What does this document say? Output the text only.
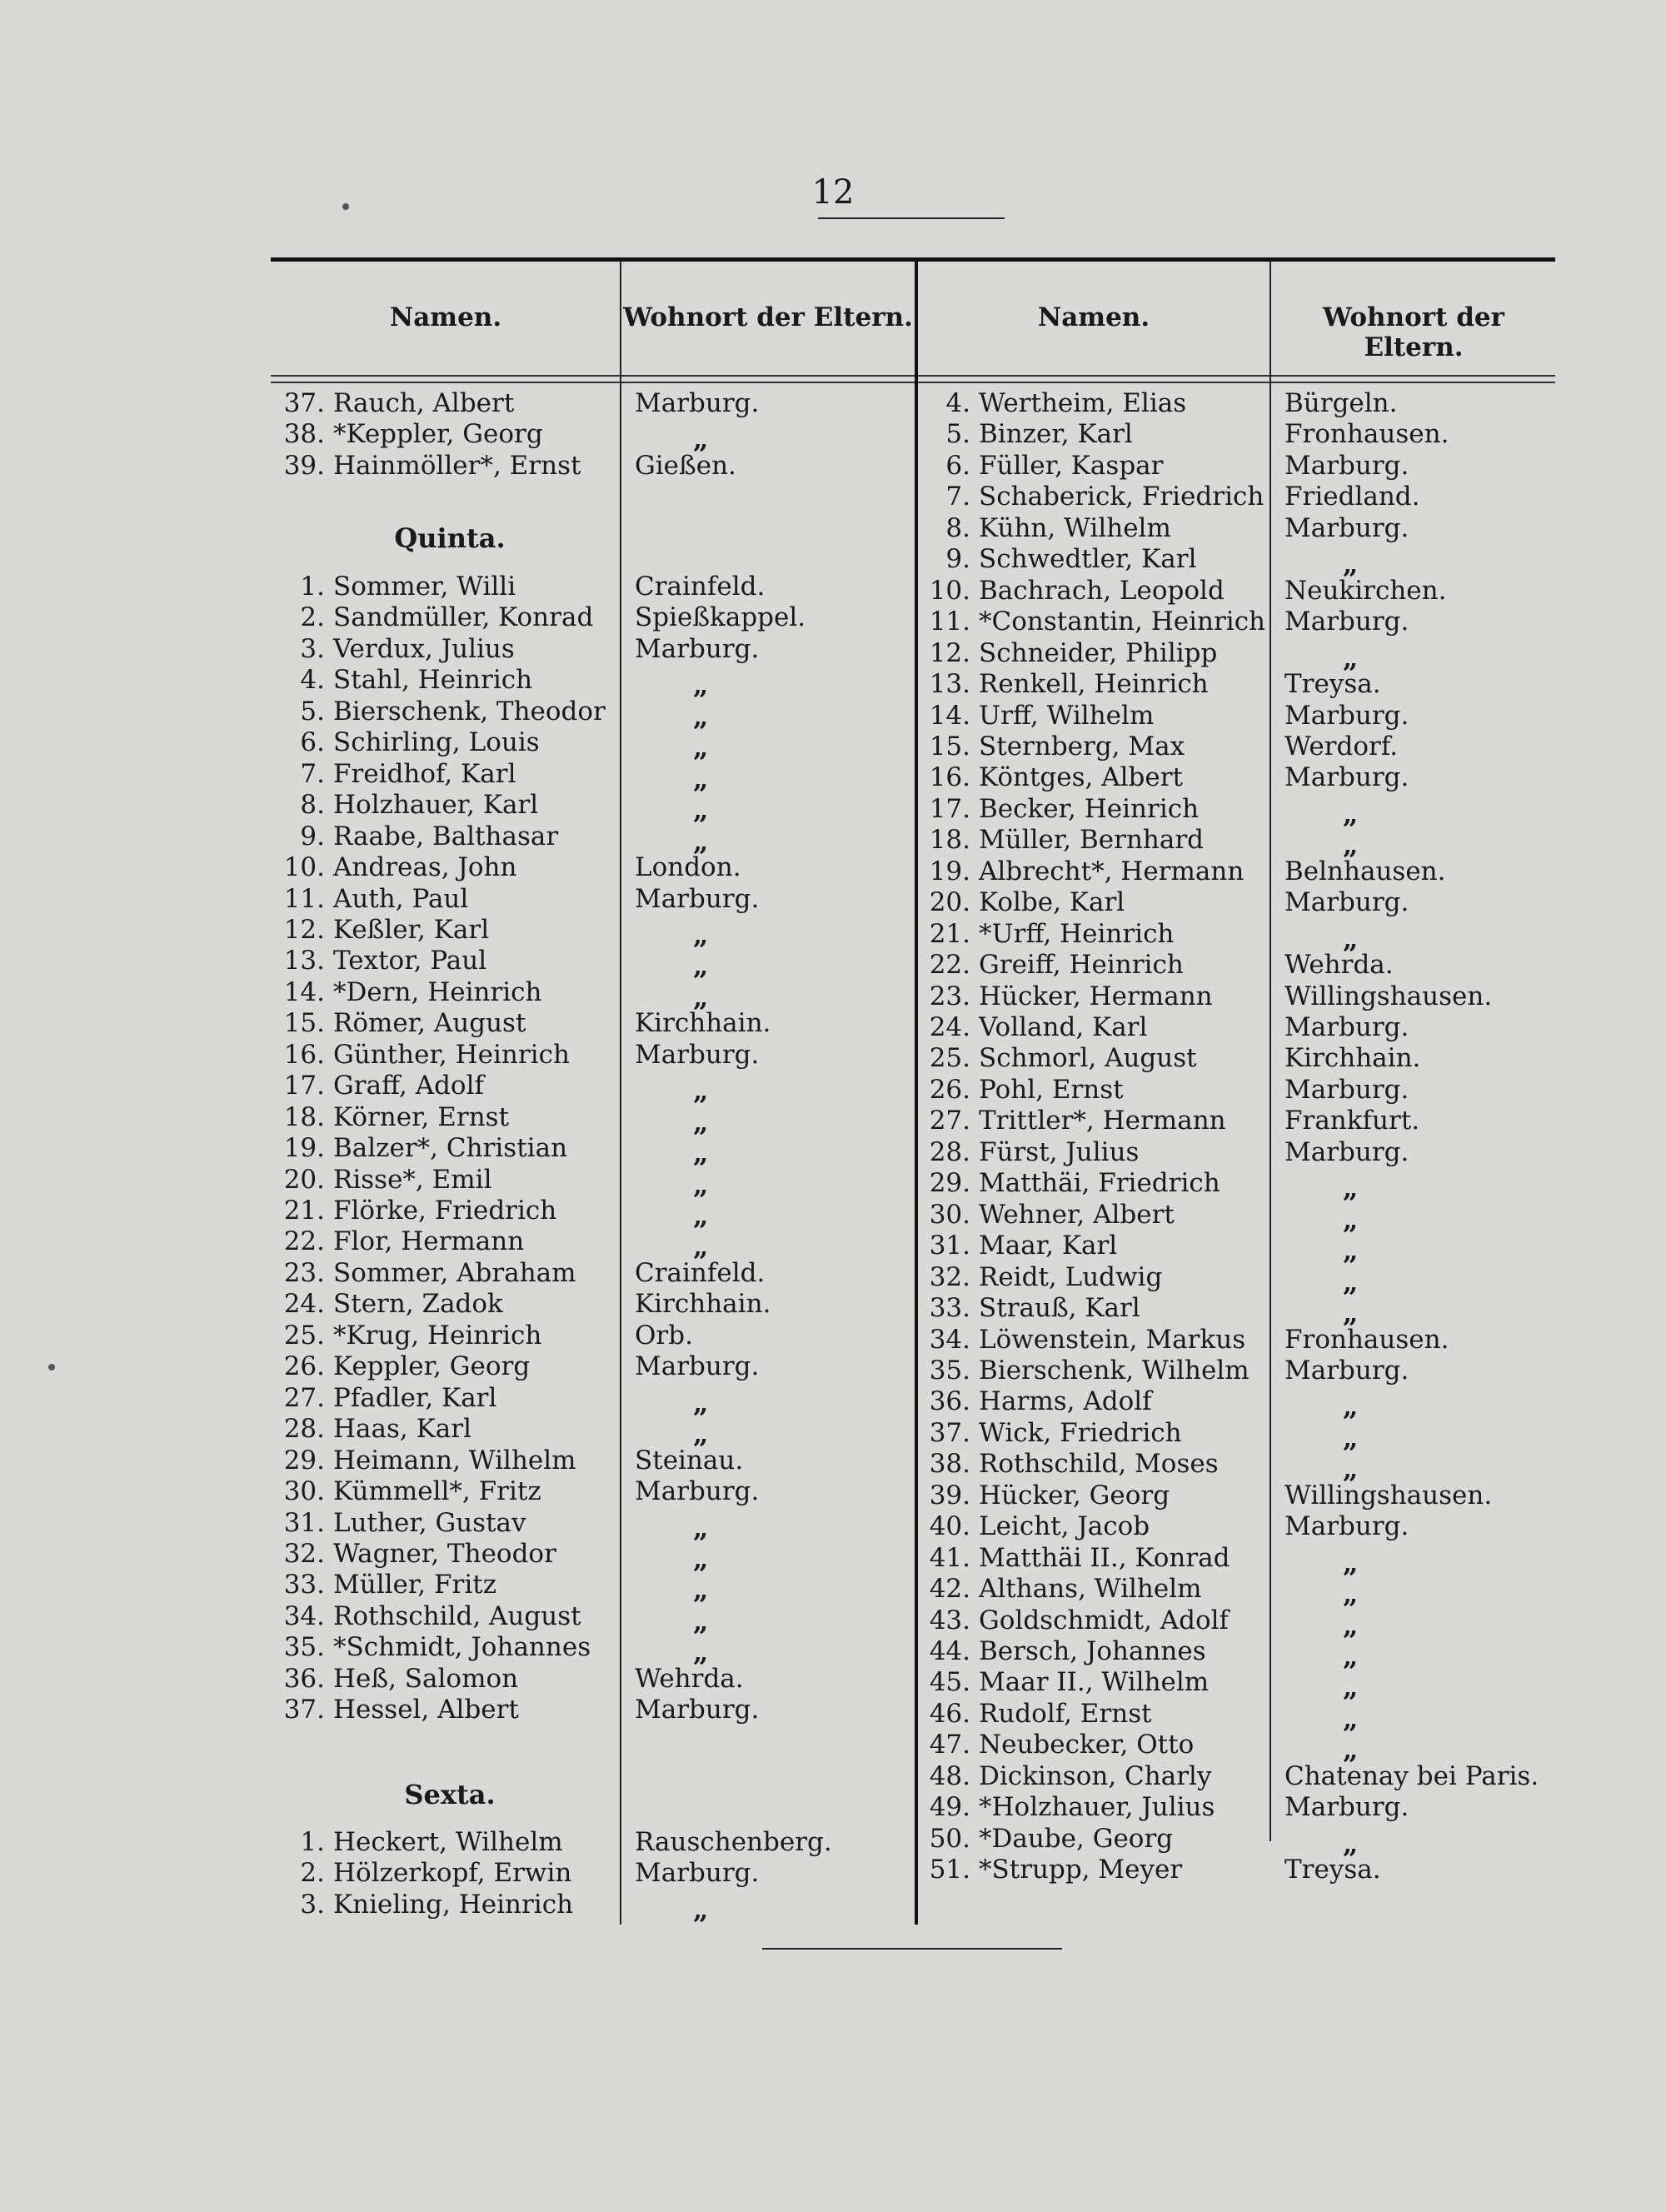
12
Namen.	Wohnort der Eltern.	Namen.	Wohnort der Eltern.
37. Rauch, Albert	Marburg.
38. *Keppler, Georg	„
39. Hainmöller*, Ernst Gießen.
1. Sommer, Willi	Crainfeld.
2. Sandmüller, Konrad Spießkappel.
3. Verdux, Julius	Marburg.
4. Stahl, Heinrich	„
5. Bierschenk, Theodor	„
6. Schirling, Louis	„
7. Freidhof, Karl	„
8. Holzhauer, Karl	„
9. Raabe, Balthasar	„
10. Andreas, John	London.
11. Auth, Paul	Marburg.
12. Keßler, Karl	„
13. Textor, Paul	„
14. *Dern, Heinrich	„
15. Römer, August	Kirchhain.
16. Günther, Heinrich	Marburg.
17. Graff, Adolf	„
18. Körner, Ernst	„
19. Balzer*, Christian	„
20. Risse*, Emil	„
21. Flörke, Friedrich	„
22. Flor, Hermann	„
23. Sommer, Abraham Crainfeld.
24. Stern, Zadok	Kirchhain.
25. *Krug, Heinrich	Orb.
26. Keppler, Georg	Marburg.
27. Pfadler, Karl	„
28. Haas, Karl	„
29. Heimann, Wilhelm Steinau.
30. Kümmell*, Fritz	Marburg.
31. Luther, Gustav	„
32. Wagner, Theodor	„
33. Müller, Fritz	„
34. Rothschild, August	„
35. *Schmidt, Johannes	„
36. Heß, Salomon	Wehrda.
37. Hessel, Albert	Marburg.
1. Heckert, Wilhelm	Rauschenberg.
2. Hölzerkopf, Erwin Marburg.
3. Knieling, Heinrich	„
Quinta.
Sexta.
4. Wertheim, Elias	Bürgeln.
5. Binzer, Karl	Fronhausen.
6. Füller, Kaspar	Marburg.
7. Schaberick, Friedrich Friedland.
8. Kühn, Wilhelm	Marburg.
9. Schwedtler, Karl	„
10. Bachrach, Leopold Neukirchen.
11. *Constantin, Heinrich Marburg.
12. Schneider, Philipp	„
13. Renkell, Heinrich	Treysa.
14. Urff, Wilhelm	Marburg.
15. Sternberg, Max	Werdorf.
16. Köntges, Albert	Marburg.
17. Becker, Heinrich	„
18. Müller, Bernhard	„
19. Albrecht*, Hermann Belnhausen.
20. Kolbe, Karl	Marburg.
21. *Urff, Heinrich	„
22. Greiff, Heinrich	Wehrda.
23. Hücker, Hermann	Willingshausen.
24. Volland, Karl	Marburg.
25. Schmorl, August	Kirchhain.
26. Pohl, Ernst	Marburg.
27. Trittler*, Hermann Frankfurt.
28. Fürst, Julius	Marburg.
29. Matthäi, Friedrich	„
30. Wehner, Albert	„
31. Maar, Karl	„
32. Reidt, Ludwig	„
33. Strauß, Karl	„
34. Löwenstein, Markus Fronhausen.
35. Bierschenk, Wilhelm Marburg.
36. Harms, Adolf	„
37. Wick, Friedrich	„
38. Rothschild, Moses	„
39. Hücker, Georg	Willingshausen.
40. Leicht, Jacob	Marburg.
41. Matthäi II., Konrad	„
42. Althans, Wilhelm	„
43. Goldschmidt, Adolf	„
44. Bersch, Johannes	„
45. Maar II., Wilhelm	„
46. Rudolf, Ernst	„
47. Neubecker, Otto	„
48. Dickinson, Charly	Chatenay bei Paris.
49. *Holzhauer, Julius	Marburg.
50. *Daube, Georg	„
51. *Strupp, Meyer	Treysa.
